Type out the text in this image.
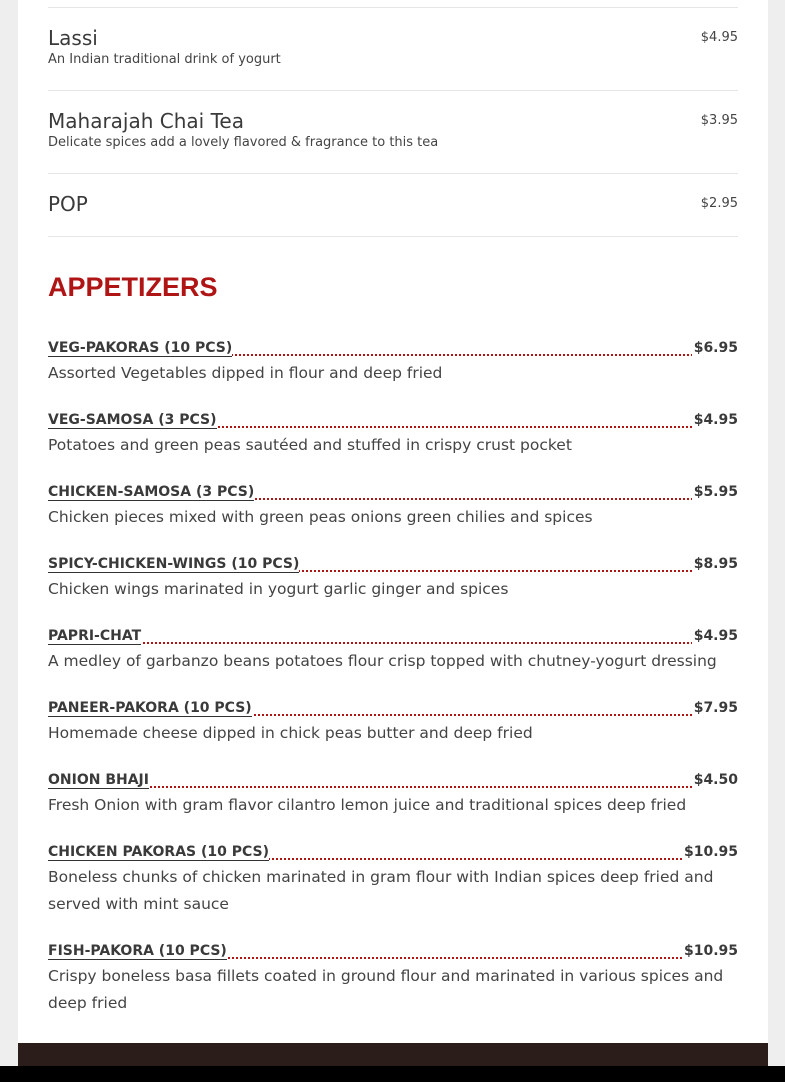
Lassi	$4.95
An Indian traditional drink of yogurt
Maharajah Chai Tea	$3.95
Delicate spices add a lovely flavored & fragrance to this tea
POP	$2.95
APPETIZERS
VEG-PAKORAS (10 PCS)	$6.95
Assorted Vegetables dipped in flour and deep fried
VEG-SAMOSA (3 PCS)	$4.95
Potatoes and green peas sautéed and stuffed in crispy crust pocket
CHICKEN-SAMOSA (3 PCS)	$5.95
Chicken pieces mixed with green peas onions green chilies and spices
SPICY-CHICKEN-WINGS (10 PCS)	$8.95
Chicken wings marinated in yogurt garlic ginger and spices
PAPRI-CHAT	$4.95
A medley of garbanzo beans potatoes flour crisp topped with chutney-yogurt dressing
PANEER-PAKORA (10 PCS)	$7.95
Homemade cheese dipped in chick peas butter and deep fried
ONION BHAJI	$4.50
Fresh Onion with gram flavor cilantro lemon juice and traditional spices deep fried
CHICKEN PAKORAS (10 PCS)	$10.95
Boneless chunks of chicken marinated in gram flour with Indian spices deep fried and served with mint sauce
FISH-PAKORA (10 PCS)	$10.95
Crispy boneless basa fillets coated in ground flour and marinated in various spices and deep fried
